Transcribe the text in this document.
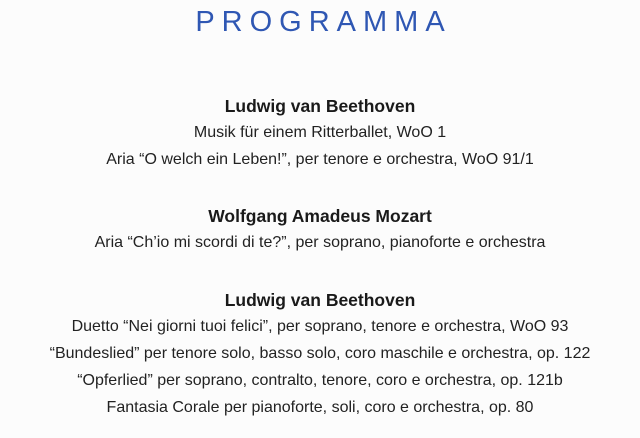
PROGRAMMA
Ludwig van Beethoven
Musik für einem Ritterballet, WoO 1
Aria “O welch ein Leben!”, per tenore e orchestra, WoO 91/1
Wolfgang Amadeus Mozart
Aria “Ch’io mi scordi di te?”, per soprano, pianoforte e orchestra
Ludwig van Beethoven
Duetto “Nei giorni tuoi felici”, per soprano, tenore e orchestra, WoO 93
“Bundeslied” per tenore solo, basso solo, coro maschile e orchestra, op. 122
“Opferlied” per soprano, contralto, tenore, coro e orchestra, op. 121b
Fantasia Corale per pianoforte, soli, coro e orchestra, op. 80
